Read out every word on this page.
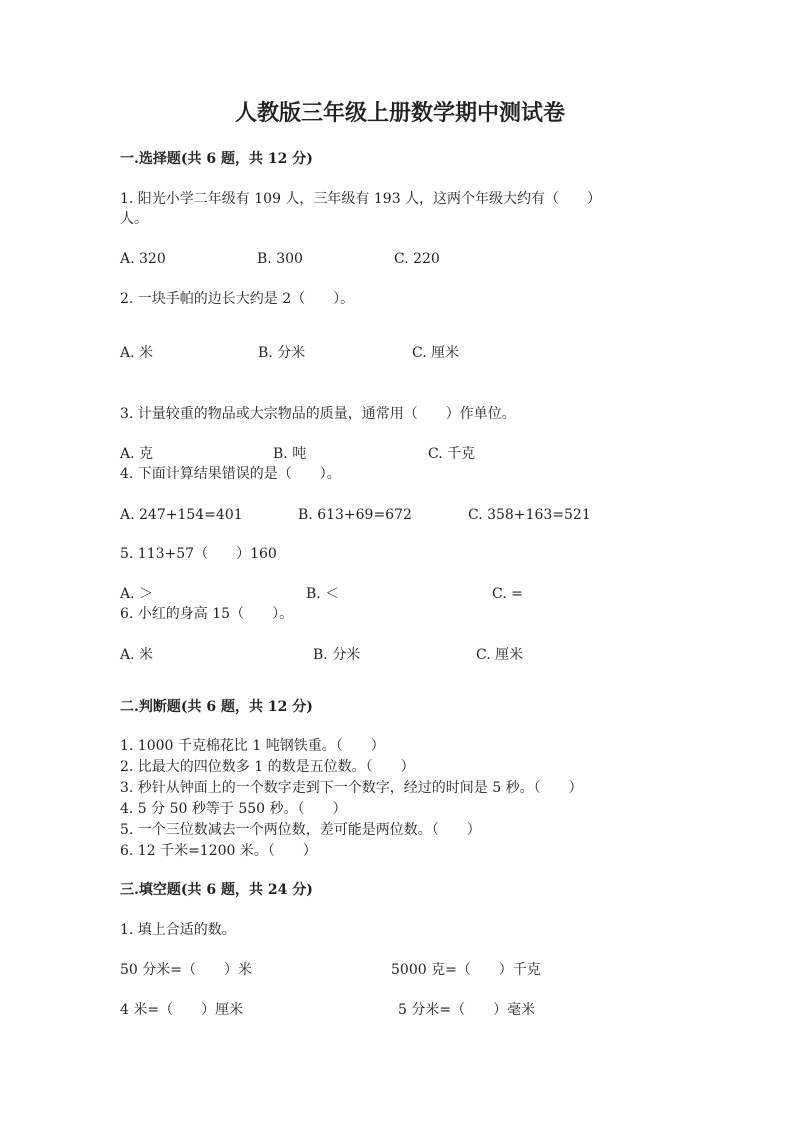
人教版三年级上册数学期中测试卷
一.选择题(共 6 题，共 12 分)
1. 阳光小学二年级有 109 人，三年级有 193 人，这两个年级大约有（　　）
人。
A. 320	B. 300	C. 220
2. 一块手帕的边长大约是 2（　　）。
A. 米	B. 分米	C. 厘米
3. 计量较重的物品或大宗物品的质量，通常用（　　）作单位。
A. 克	B. 吨	C. 千克
4. 下面计算结果错误的是（　　）。
A. 247+154=401	B. 613+69=672	C. 358+163=521
5. 113+57（　　）160
A. ＞	B. ＜	C. =
6. 小红的身高 15（　　）。
A. 米	B. 分米	C. 厘米
二.判断题(共 6 题，共 12 分)
1. 1000 千克棉花比 1 吨钢铁重。（　　）
2. 比最大的四位数多 1 的数是五位数。（　　）
3. 秒针从钟面上的一个数字走到下一个数字，经过的时间是 5 秒。（　　）
4. 5 分 50 秒等于 550 秒。（　　）
5. 一个三位数减去一个两位数，差可能是两位数。（　　）
6. 12 千米=1200 米。（　　）
三.填空题(共 6 题，共 24 分)
1. 填上合适的数。
50 分米=（　　）米	5000 克=（　　）千克
4 米=（　　）厘米	5 分米=（　　）毫米
